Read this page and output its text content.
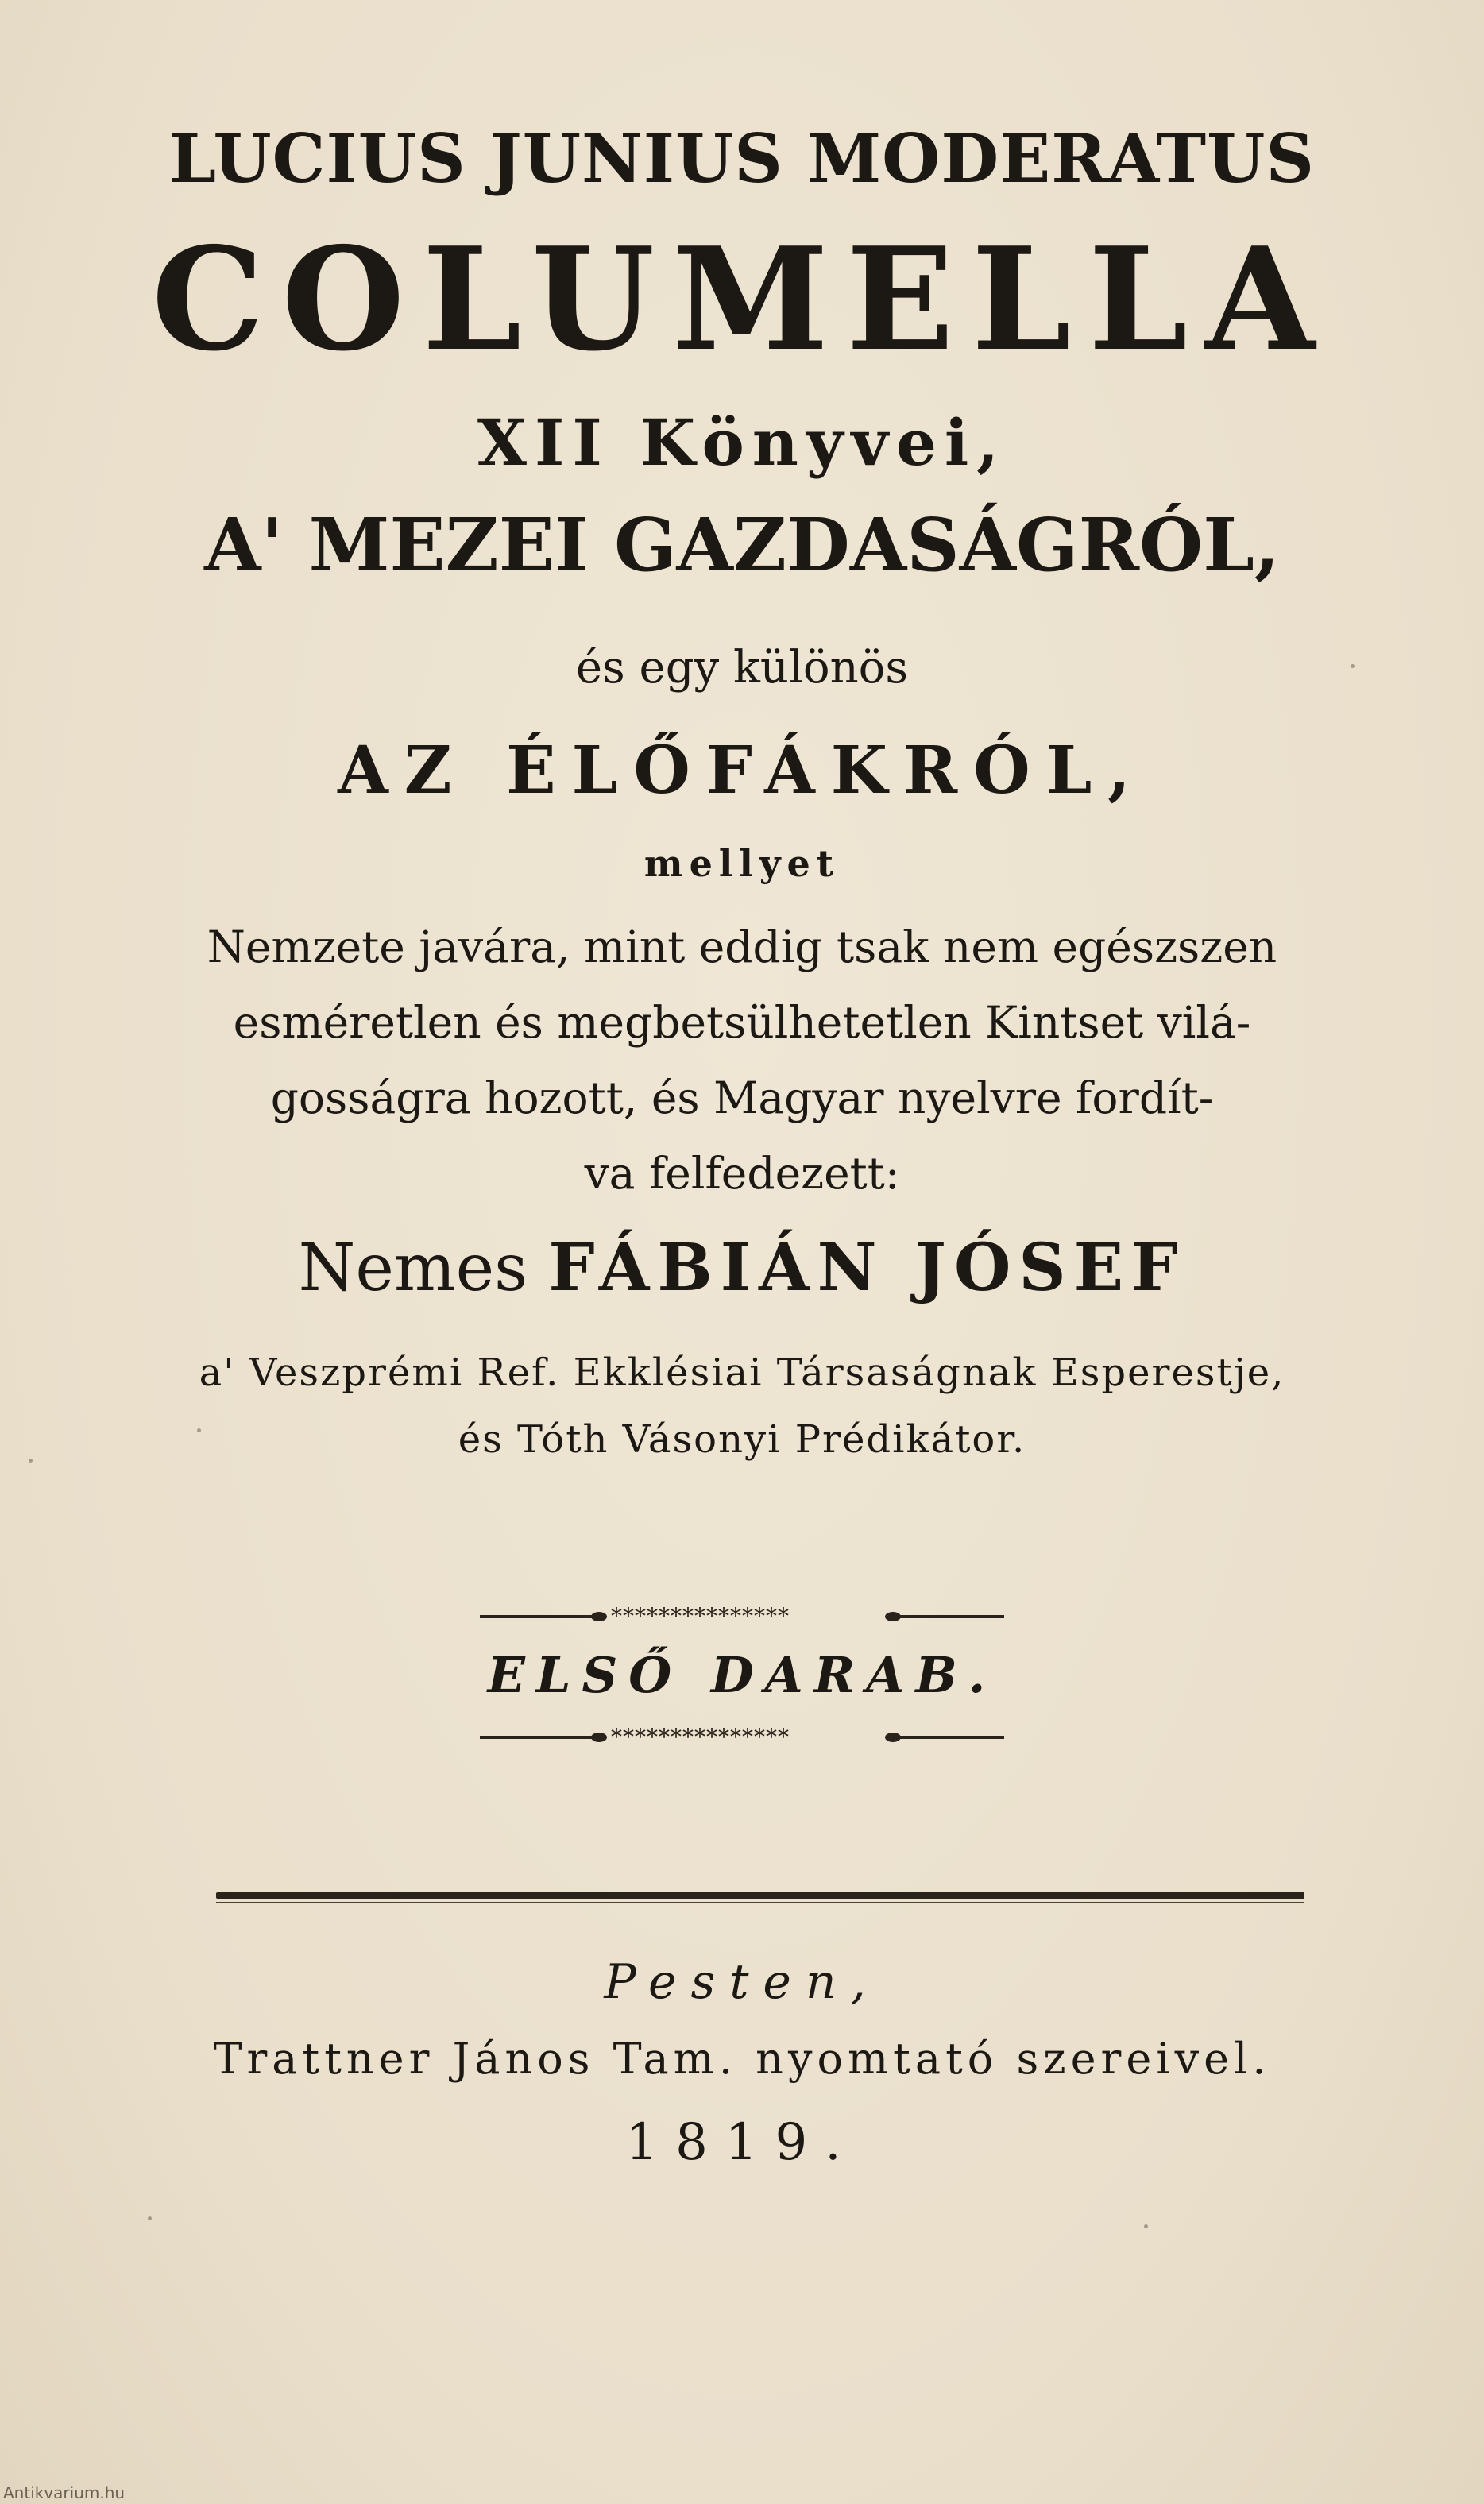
LUCIUS JUNIUS MODERATUS
COLUMELLA
XII Könyvei,
A' MEZEI GAZDASÁGRÓL,
és egy különös
AZ ÉLŐFÁKRÓL,
mellyet
Nemzete javára, mint eddig tsak nem egészszen
esméretlen és megbetsülhetetlen Kintset vilá-
gosságra hozott, és Magyar nyelvre fordít-
va felfedezett:
Nemes FÁBIÁN JÓSEF
a' Veszprémi Ref. Ekklésiai Társaságnak Esperestje,
és Tóth Vásonyi Prédikátor.
***************
ELSŐ DARAB.
***************
Pesten,
Trattner János Tam. nyomtató szereivel.
1819.
Antikvarium.hu
